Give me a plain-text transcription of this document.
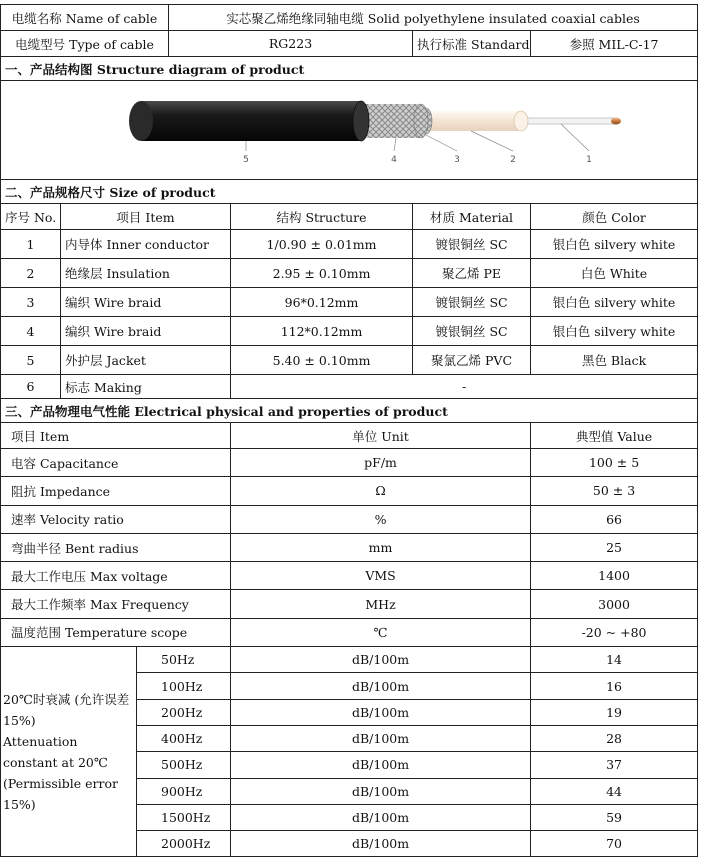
电缆名称 Name of cable			实芯聚乙烯绝缘同轴电缆 Solid polyethylene insulated coaxial cables			
电缆型号 Type of cable			RG223		执行标准 Standard	参照 MIL-C-17
一、产品结构图 Structure diagram of product						

5 4 3 2 1						

二、产品规格尺寸 Size of product						
序号 No.	项目 Item			结构 Structure	材质 Material	颜色 Color
1	内导体 Inner conductor			1/0.90 ± 0.01mm	镀银铜丝 SC	银白色 silvery white
2	绝缘层 Insulation			2.95 ± 0.10mm	聚乙烯 PE	白色 White
3	编织 Wire braid			96*0.12mm	镀银铜丝 SC	银白色 silvery white
4	编织 Wire braid			112*0.12mm	镀银铜丝 SC	银白色 silvery white
5	外护层 Jacket			5.40 ± 0.10mm	聚氯乙烯 PVC	黑色 Black
6	标志 Making			-		
三、产品物理电气性能 Electrical physical and properties of product						
项目 Item				单位 Unit		典型值 Value
电容 Capacitance				pF/m		100 ± 5
阻抗 Impedance				Ω		50 ± 3
速率 Velocity ratio				%		66
弯曲半径 Bent radius				mm		25
最大工作电压 Max voltage				VMS		1400
最大工作频率 Max Frequency				MHz		3000
温度范围 Temperature scope				℃		-20 ~ +80

20℃时衰减 (允许误差 15%)
Attenuation constant at 20℃ (Permissible error 15%)		50Hz		dB/100m		14
		100Hz		dB/100m		16
		200Hz		dB/100m		19
		400Hz		dB/100m		28
		500Hz		dB/100m		37
		900Hz		dB/100m		44
		1500Hz		dB/100m		59
		2000Hz		dB/100m		70
